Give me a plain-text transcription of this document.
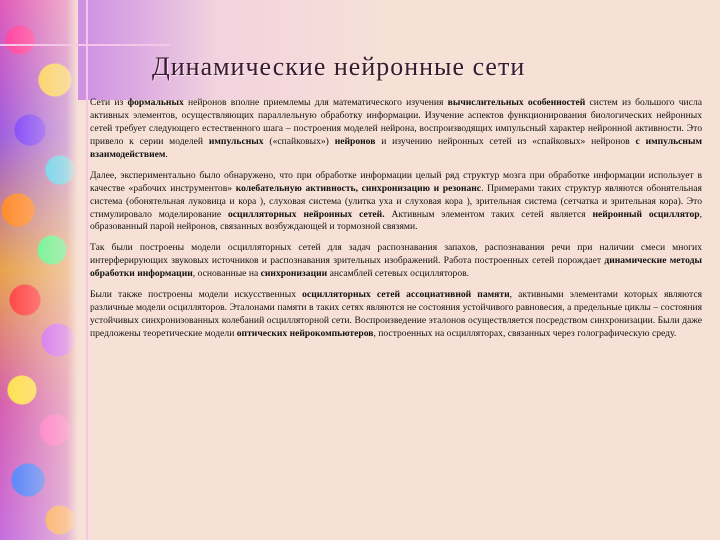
Динамические нейронные сети

Сети из формальных нейронов вполне приемлемы для математического изучения вычислительных особенностей систем из большого числа активных элементов, осуществляющих параллельную обработку информации. Изучение аспектов функционирования биологических нейронных сетей требует следующего естественного шага – построения моделей нейрона, воспроизводящих импульсный характер нейронной активности. Это привело к серии моделей импульсных («спайковых») нейронов и изучению нейронных сетей из «спайковых» нейронов с импульсным взаимодействием.

Далее, экспериментально было обнаружено, что при обработке информации целый ряд структур мозга при обработке информации использует в качестве «рабочих инструментов» колебательную активность, синхронизацию и резонанс. Примерами таких структур являются обонятельная система (обонятельная луковица и кора ), слуховая система (улитка уха и слуховая кора ), зрительная система (сетчатка и зрительная кора). Это стимулировало моделирование осцилляторных нейронных сетей. Активным элементом таких сетей является нейронный осциллятор, образованный парой нейронов, связанных возбуждающей и тормозной связями.

Так были построены модели осцилляторных сетей для задач распознавания запахов, распознавания речи при наличии смеси многих интерферирующих звуковых источников и распознавания зрительных изображений. Работа построенных сетей порождает динамические методы обработки информации, основанные на синхронизации ансамблей сетевых осцилляторов.

Были также построены модели искусственных осцилляторных сетей ассоциативной памяти, активными элементами которых являются различные модели осцилляторов. Эталонами памяти в таких сетях являются не состояния устойчивого равновесия, а предельные циклы – состояния устойчивых синхронизованных колебаний осцилляторной сети. Воспроизведение эталонов осуществляется посредством синхронизации. Были даже предложены теоретические модели оптических нейрокомпьютеров, построенных на осцилляторах, связанных через голографическую среду.
